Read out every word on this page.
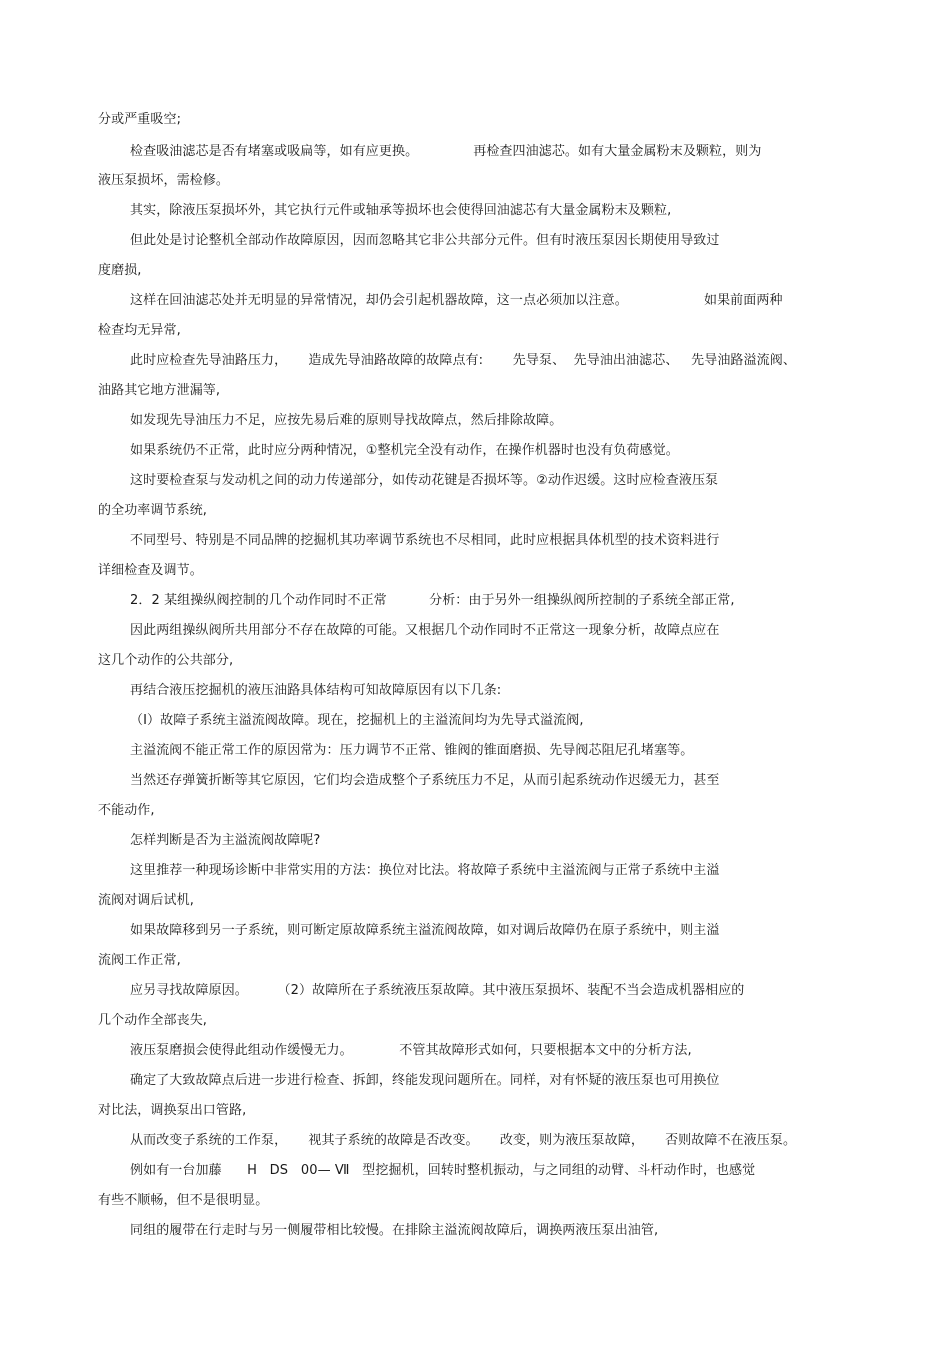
分或严重吸空;
检查吸油滤芯是否有堵塞或吸扁等，如有应更换。             再检查四油滤芯。如有大量金属粉末及颗粒，则为
液压泵损坏，需检修。
其实，除液压泵损坏外，其它执行元件或轴承等损坏也会使得回油滤芯有大量金属粉末及颗粒,
但此处是讨论整机全部动作故障原因，因而忽略其它非公共部分元件。但有时液压泵因长期使用导致过
度磨损,
这样在回油滤芯处并无明显的异常情况，却仍会引起机器故障，这一点必须加以注意。                  如果前面两种
检查均无异常,
此时应检查先导油路压力，     造成先导油路故障的故障点有:       先导泵、  先导油出油滤芯、   先导油路溢流阀、
油路其它地方泄漏等,
如发现先导油压力不足，应按先易后难的原则导找故障点，然后排除故障。
如果系统仍不正常，此时应分两种情况，①整机完全没有动作，在操作机器时也没有负荷感觉。
这时要检查泵与发动机之间的动力传递部分，如传动花键是否损坏等。②动作迟缓。这时应检查液压泵
的全功率调节系统,
不同型号、特别是不同品牌的挖掘机其功率调节系统也不尽相同，此时应根据具体机型的技术资料进行
详细检查及调节。
2．2 某组操纵阀控制的几个动作同时不正常          分析：由于另外一组操纵阀所控制的子系统全部正常,
因此两组操纵阀所共用部分不存在故障的可能。又根据几个动作同时不正常这一现象分析，故障点应在
这几个动作的公共部分,
再结合液压挖掘机的液压油路具体结构可知故障原因有以下几条:
（Ⅰ）故障子系统主溢流阀故障。现在，挖掘机上的主溢流间均为先导式溢流阀,
主溢流阀不能正常工作的原因常为：压力调节不正常、锥阀的锥面磨损、先导阀芯阻尼孔堵塞等。
当然还存弹簧折断等其它原因，它们均会造成整个子系统压力不足，从而引起系统动作迟缓无力，甚至
不能动作,
怎样判断是否为主溢流阀故障呢?
这里推荐一种现场诊断中非常实用的方法：换位对比法。将故障子系统中主溢流阀与正常子系统中主溢
流阀对调后试机,
如果故障移到另一子系统，则可断定原故障系统主溢流阀故障，如对调后故障仍在原子系统中，则主溢
流阀工作正常,
应另寻找故障原因。       （2）故障所在子系统液压泵故障。其中液压泵损坏、装配不当会造成机器相应的
几个动作全部丧失,
液压泵磨损会使得此组动作缓慢无力。           不管其故障形式如何，只要根据本文中的分析方法,
确定了大致故障点后进一步进行检查、拆卸，终能发现问题所在。同样，对有怀疑的液压泵也可用换位
对比法，调换泵出口管路,
从而改变子系统的工作泵，     视其子系统的故障是否改变。     改变，则为液压泵故障，     否则故障不在液压泵。
例如有一台加藤      H   DS   00— Ⅶ   型挖掘机，回转时整机振动，与之同组的动臂、斗杆动作时，也感觉
有些不顺畅，但不是很明显。
同组的履带在行走时与另一侧履带相比较慢。在排除主溢流阀故障后，调换两液压泵出油管,
